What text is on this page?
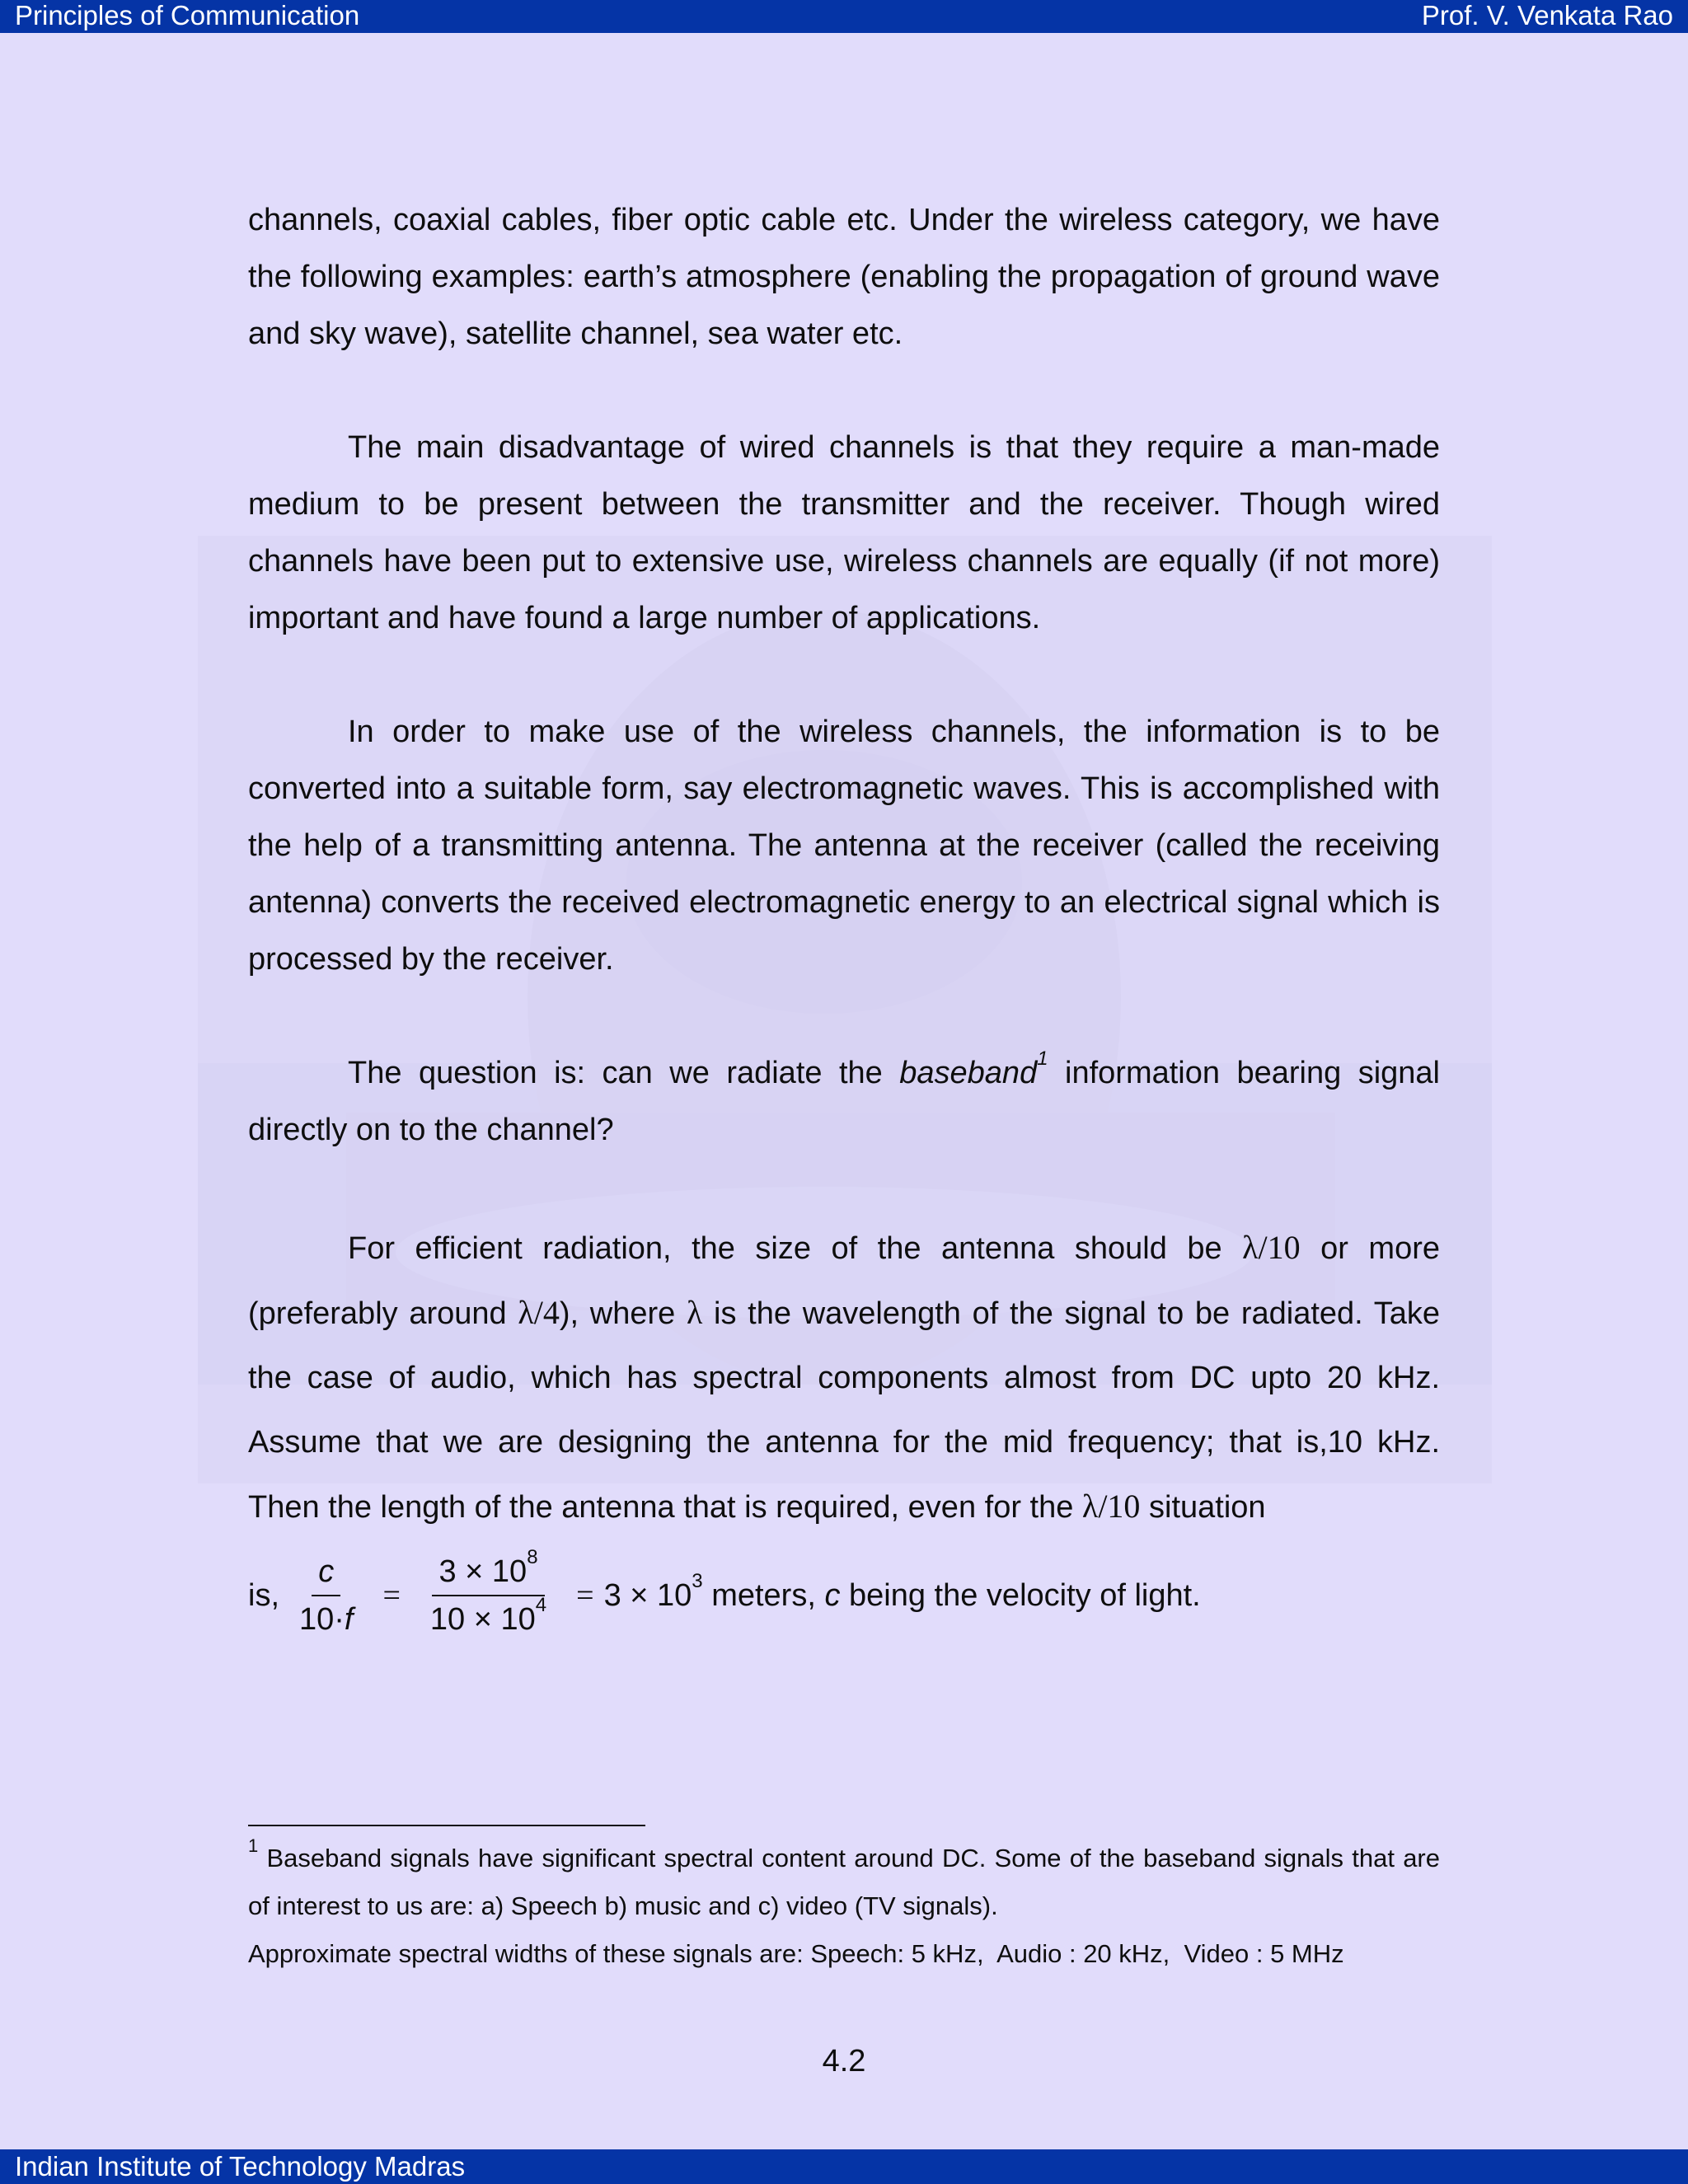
Principles of Communication	Prof. V. Venkata Rao

channels, coaxial cables, fiber optic cable etc. Under the wireless category, we have the following examples: earth’s atmosphere (enabling the propagation of ground wave and sky wave), satellite channel, sea water etc.

The main disadvantage of wired channels is that they require a man-made medium to be present between the transmitter and the receiver. Though wired channels have been put to extensive use, wireless channels are equally (if not more) important and have found a large number of applications.

In order to make use of the wireless channels, the information is to be converted into a suitable form, say electromagnetic waves. This is accomplished with the help of a transmitting antenna. The antenna at the receiver (called the receiving antenna) converts the received electromagnetic energy to an electrical signal which is processed by the receiver.

The question is: can we radiate the baseband$^1$ information bearing signal directly on to the channel?

For efficient radiation, the size of the antenna should be λ/10 or more (preferably around λ/4), where λ is the wavelength of the signal to be radiated. Take the case of audio, which has spectral components almost from DC upto 20 kHz. Assume that we are designing the antenna for the mid frequency; that is,10 kHz. Then the length of the antenna that is required, even for the λ/10 situation

is, $\frac{c}{10\cdot f} = \frac{3 \times 10^8}{10 \times 10^4} = 3 \times 10^3$ meters, c being the velocity of light.

$^1$ Baseband signals have significant spectral content around DC. Some of the baseband signals that are of interest to us are: a) Speech b) music and c) video (TV signals).

Approximate spectral widths of these signals are: Speech: 5 kHz,  Audio : 20 kHz,  Video : 5 MHz

4.2
Indian Institute of Technology Madras
